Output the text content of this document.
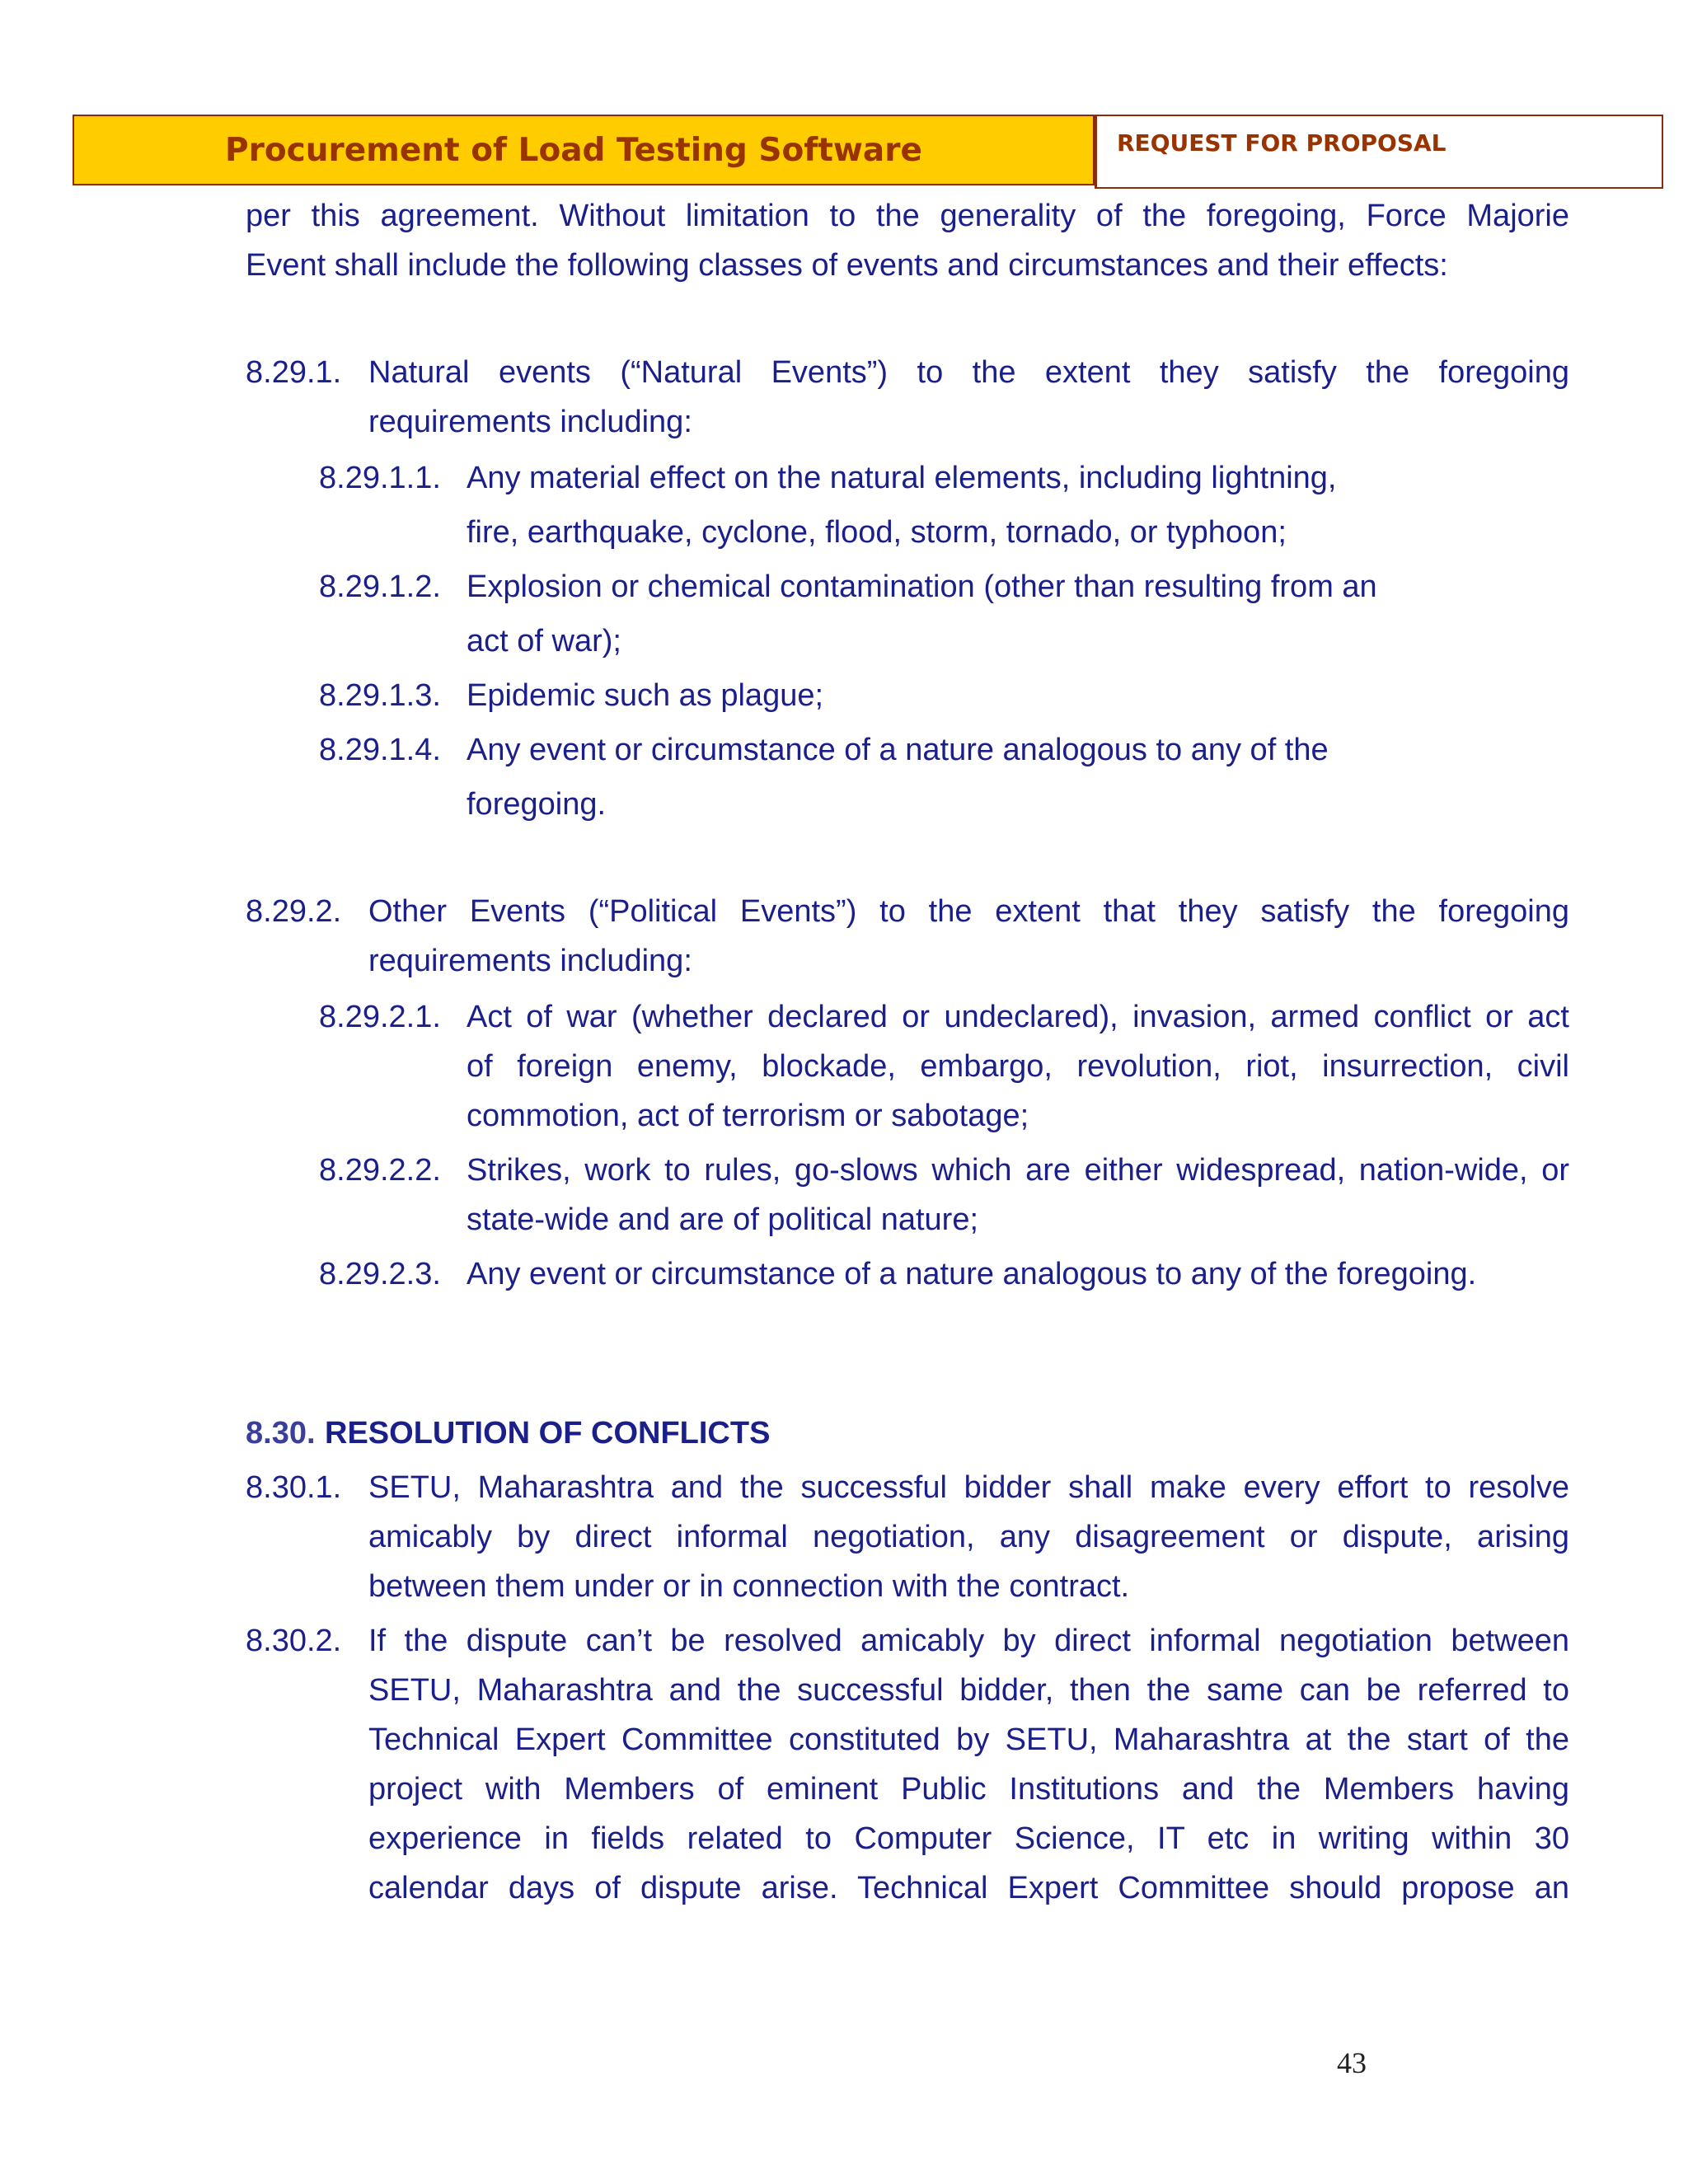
Procurement of Load Testing Software	REQUEST FOR PROPOSAL
per this agreement. Without limitation to the generality of the foregoing, Force Majorie
Event shall include the following classes of events and circumstances and their effects:
8.29.1. Natural events (“Natural Events”) to the extent they satisfy the foregoing
requirements including:
8.29.1.1. Any material effect on the natural elements, including lightning,
fire, earthquake, cyclone, flood, storm, tornado, or typhoon;
8.29.1.2. Explosion or chemical contamination (other than resulting from an
act of war);
8.29.1.3. Epidemic such as plague;
8.29.1.4. Any event or circumstance of a nature analogous to any of the
foregoing.
8.29.2. Other Events (“Political Events”) to the extent that they satisfy the foregoing
requirements including:
8.29.2.1. Act of war (whether declared or undeclared), invasion, armed conflict or act
of foreign enemy, blockade, embargo, revolution, riot, insurrection, civil
commotion, act of terrorism or sabotage;
8.29.2.2. Strikes, work to rules, go-slows which are either widespread, nation-wide, or
state-wide and are of political nature;
8.29.2.3. Any event or circumstance of a nature analogous to any of the foregoing.
8.30. RESOLUTION OF CONFLICTS
8.30.1. SETU, Maharashtra and the successful bidder shall make every effort to resolve
amicably by direct informal negotiation, any disagreement or dispute, arising
between them under or in connection with the contract.
8.30.2. If the dispute can’t be resolved amicably by direct informal negotiation between
SETU, Maharashtra and the successful bidder, then the same can be referred to
Technical Expert Committee constituted by SETU, Maharashtra at the start of the
project with Members of eminent Public Institutions and the Members having
experience in fields related to Computer Science, IT etc in writing within 30
calendar days of dispute arise. Technical Expert Committee should propose an
43
